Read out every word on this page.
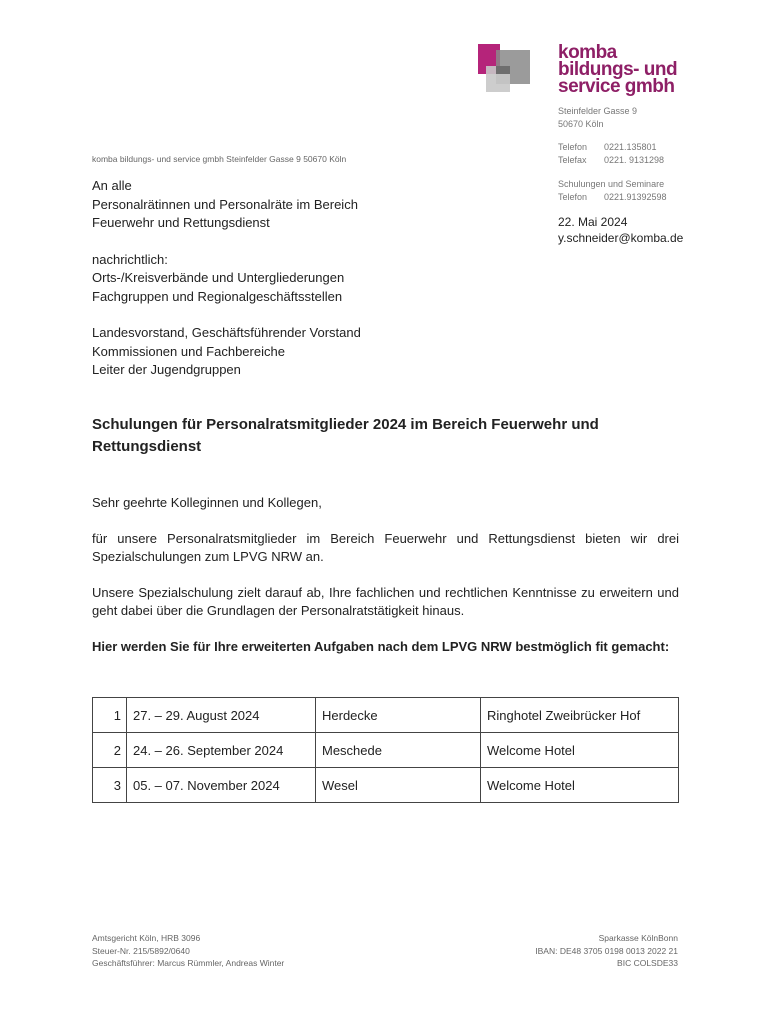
komba
bildungs- und
service gmbh
Steinfelder Gasse 9
50670 Köln
Telefon	0221.135801
Telefax	0221. 9131298
Schulungen und Seminare
Telefon	0221.91392598
22. Mai 2024
y.schneider@komba.de
komba bildungs- und service gmbh Steinfelder Gasse 9 50670 Köln

An alle
Personalrätinnen und Personalräte im Bereich
Feuerwehr und Rettungsdienst

nachrichtlich:
Orts-/Kreisverbände und Untergliederungen
Fachgruppen und Regionalgeschäftsstellen

Landesvorstand, Geschäftsführender Vorstand
Kommissionen und Fachbereiche
Leiter der Jugendgruppen

Schulungen für Personalratsmitglieder 2024 im Bereich Feuerwehr und Rettungsdienst

Sehr geehrte Kolleginnen und Kollegen,

für unsere Personalratsmitglieder im Bereich Feuerwehr und Rettungsdienst bieten wir drei Spezialschulungen zum LPVG NRW an.

Unsere Spezialschulung zielt darauf ab, Ihre fachlichen und rechtlichen Kenntnisse zu erweitern und geht dabei über die Grundlagen der Personalratstätigkeit hinaus.

Hier werden Sie für Ihre erweiterten Aufgaben nach dem LPVG NRW bestmöglich fit gemacht:

1	27. – 29. August 2024	Herdecke	Ringhotel Zweibrücker Hof
2	24. – 26. September 2024	Meschede	Welcome Hotel
3	05. – 07. November 2024	Wesel	Welcome Hotel
Amtsgericht Köln, HRB 3096
Steuer-Nr. 215/5892/0640
Geschäftsführer: Marcus Rümmler, Andreas Winter
Sparkasse KölnBonn
IBAN: DE48 3705 0198 0013 2022 21
BIC COLSDE33
